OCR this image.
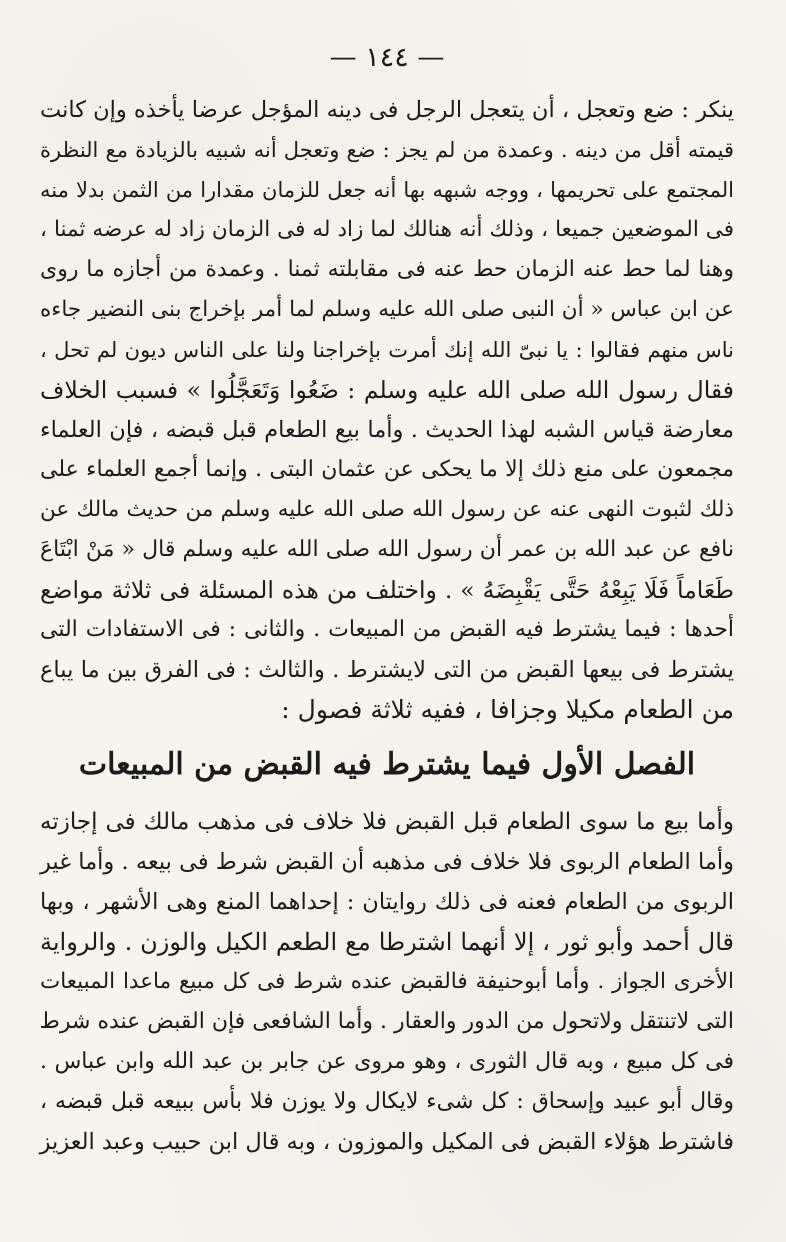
— ١٤٤ —
ينكر : ضع وتعجل ، أن يتعجل الرجل فى دينه المؤجل عرضا يأخذه وإن كانت
قيمته أقل من دينه . وعمدة من لم يجز : ضع وتعجل أنه شبيه بالزيادة مع النظرة
المجتمع على تحريمها ، ووجه شبهه بها أنه جعل للزمان مقدارا من الثمن بدلا منه
فى الموضعين جميعا ، وذلك أنه هنالك لما زاد له فى الزمان زاد له عرضه ثمنا ،
وهنا لما حط عنه الزمان حط عنه فى مقابلته ثمنا . وعمدة من أجازه ما روى
عن ابن عباس « أن النبى صلى الله عليه وسلم لما أمر بإخراج بنى النضير جاءه
ناس منهم فقالوا : يا نبىّ الله إنك أمرت بإخراجنا ولنا على الناس ديون لم تحل ،
فقال رسول الله صلى الله عليه وسلم : ضَعُوا وَتَعَجَّلُوا » فسبب الخلاف
معارضة قياس الشبه لهذا الحديث . وأما بيع الطعام قبل قبضه ، فإن العلماء
مجمعون على منع ذلك إلا ما يحكى عن عثمان البتى . وإنما أجمع العلماء على
ذلك لثبوت النهى عنه عن رسول الله صلى الله عليه وسلم من حديث مالك عن
نافع عن عبد الله بن عمر أن رسول الله صلى الله عليه وسلم قال « مَنْ ابْتَاعَ
طَعَاماً فَلَا يَبِعْهُ حَتَّى يَقْبِضَهُ » . واختلف من هذه المسئلة فى ثلاثة مواضع
أحدها : فيما يشترط فيه القبض من المبيعات . والثانى : فى الاستفادات التى
يشترط فى بيعها القبض من التى لايشترط . والثالث : فى الفرق بين ما يباع
من الطعام مكيلا وجزافا ، ففيه ثلاثة فصول :
الفصل الأول فيما يشترط فيه القبض من المبيعات
وأما بيع ما سوى الطعام قبل القبض فلا خلاف فى مذهب مالك فى إجازته
وأما الطعام الربوى فلا خلاف فى مذهبه أن القبض شرط فى بيعه . وأما غير
الربوى من الطعام فعنه فى ذلك روايتان : إحداهما المنع وهى الأشهر ، وبها
قال أحمد وأبو ثور ، إلا أنهما اشترطا مع الطعم الكيل والوزن . والرواية
الأخرى الجواز . وأما أبوحنيفة فالقبض عنده شرط فى كل مبيع ماعدا المبيعات
التى لاتنتقل ولاتحول من الدور والعقار . وأما الشافعى فإن القبض عنده شرط
فى كل مبيع ، وبه قال الثورى ، وهو مروى عن جابر بن عبد الله وابن عباس .
وقال أبو عبيد وإسحاق : كل شىء لايكال ولا يوزن فلا بأس ببيعه قبل قبضه ،
فاشترط هؤلاء القبض فى المكيل والموزون ، وبه قال ابن حبيب وعبد العزيز
